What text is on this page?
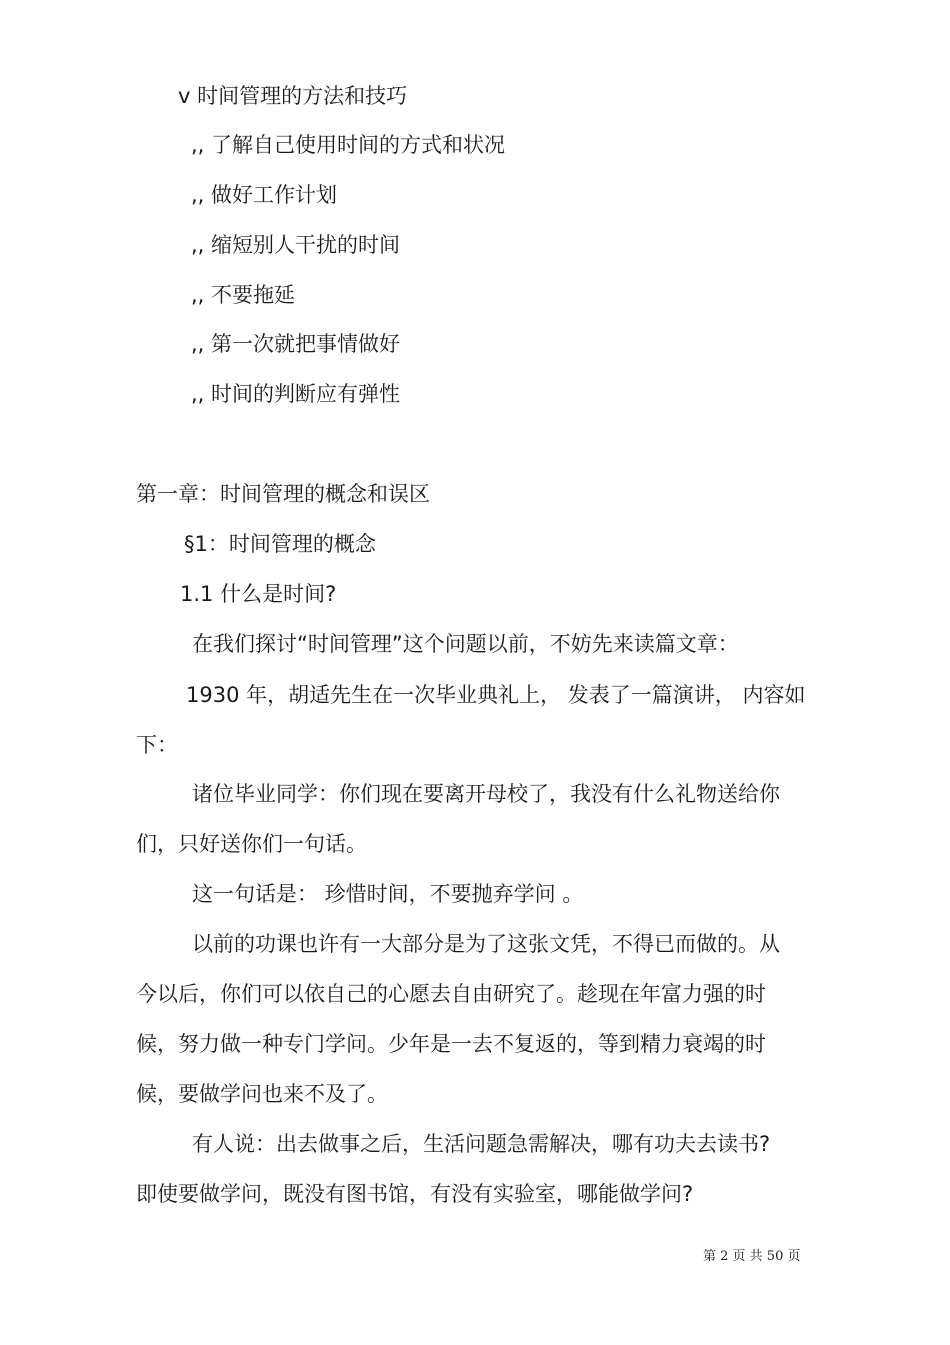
v 时间管理的方法和技巧
,, 了解自己使用时间的方式和状况
,, 做好工作计划
,, 缩短别人干扰的时间
,, 不要拖延
,, 第一次就把事情做好
,, 时间的判断应有弹性
第一章：时间管理的概念和误区
§1：时间管理的概念
1.1 什么是时间?
在我们探讨“时间管理”这个问题以前，不妨先来读篇文章：
1930 年，胡适先生在一次毕业典礼上， 发表了一篇演讲， 内容如
下：
诸位毕业同学：你们现在要离开母校了，我没有什么礼物送给你
们，只好送你们一句话。
这一句话是： 珍惜时间，不要抛弃学问 。
以前的功课也许有一大部分是为了这张文凭，不得已而做的。从
今以后，你们可以依自己的心愿去自由研究了。趁现在年富力强的时
候，努力做一种专门学问。少年是一去不复返的，等到精力衰竭的时
候，要做学问也来不及了。
有人说：出去做事之后，生活问题急需解决，哪有功夫去读书?
即使要做学问，既没有图书馆，有没有实验室，哪能做学问?
第 2 页 共 50 页
